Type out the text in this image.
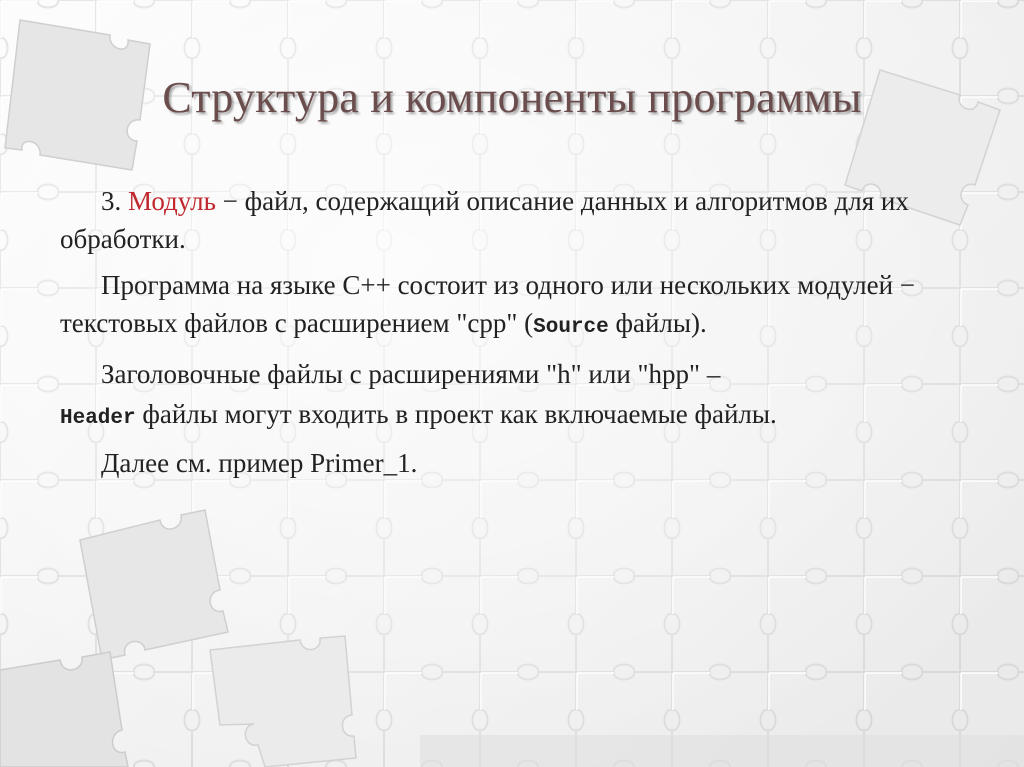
Структура и компоненты программы

3. Модуль − файл, содержащий описание данных и алгоритмов для их обработки.

Программа на языке С++ состоит из одного или нескольких модулей − текстовых файлов с расширением "cpp" (Source файлы).

Заголовочные файлы с расширениями "h" или "hpp" –

Header файлы могут входить в проект как включаемые файлы.

Далее см. пример Primer_1.
